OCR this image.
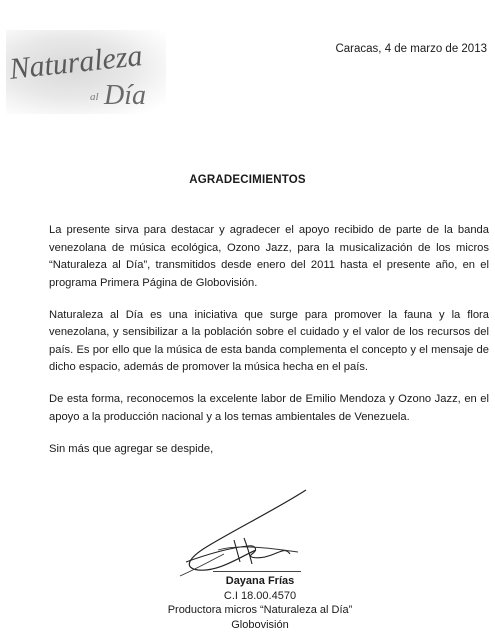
Naturaleza
al Día
Caracas, 4 de marzo de 2013
AGRADECIMIENTOS

La presente sirva para destacar y agradecer el apoyo recibido de parte de la banda venezolana de música ecológica, Ozono Jazz, para la musicalización de los micros “Naturaleza al Día”, transmitidos desde enero del 2011 hasta el presente año, en el programa Primera Página de Globovisión.

Naturaleza al Día es una iniciativa que surge para promover la fauna y la flora venezolana, y sensibilizar a la población sobre el cuidado y el valor de los recursos del país. Es por ello que la música de esta banda complementa el concepto y el mensaje de dicho espacio, además de promover la música hecha en el país.

De esta forma, reconocemos la excelente labor de Emilio Mendoza y Ozono Jazz, en el apoyo a la producción nacional y a los temas ambientales de Venezuela.

Sin más que agregar se despide,

Dayana Frías
C.I 18.00.4570
Productora micros “Naturaleza al Día”
Globovisión
